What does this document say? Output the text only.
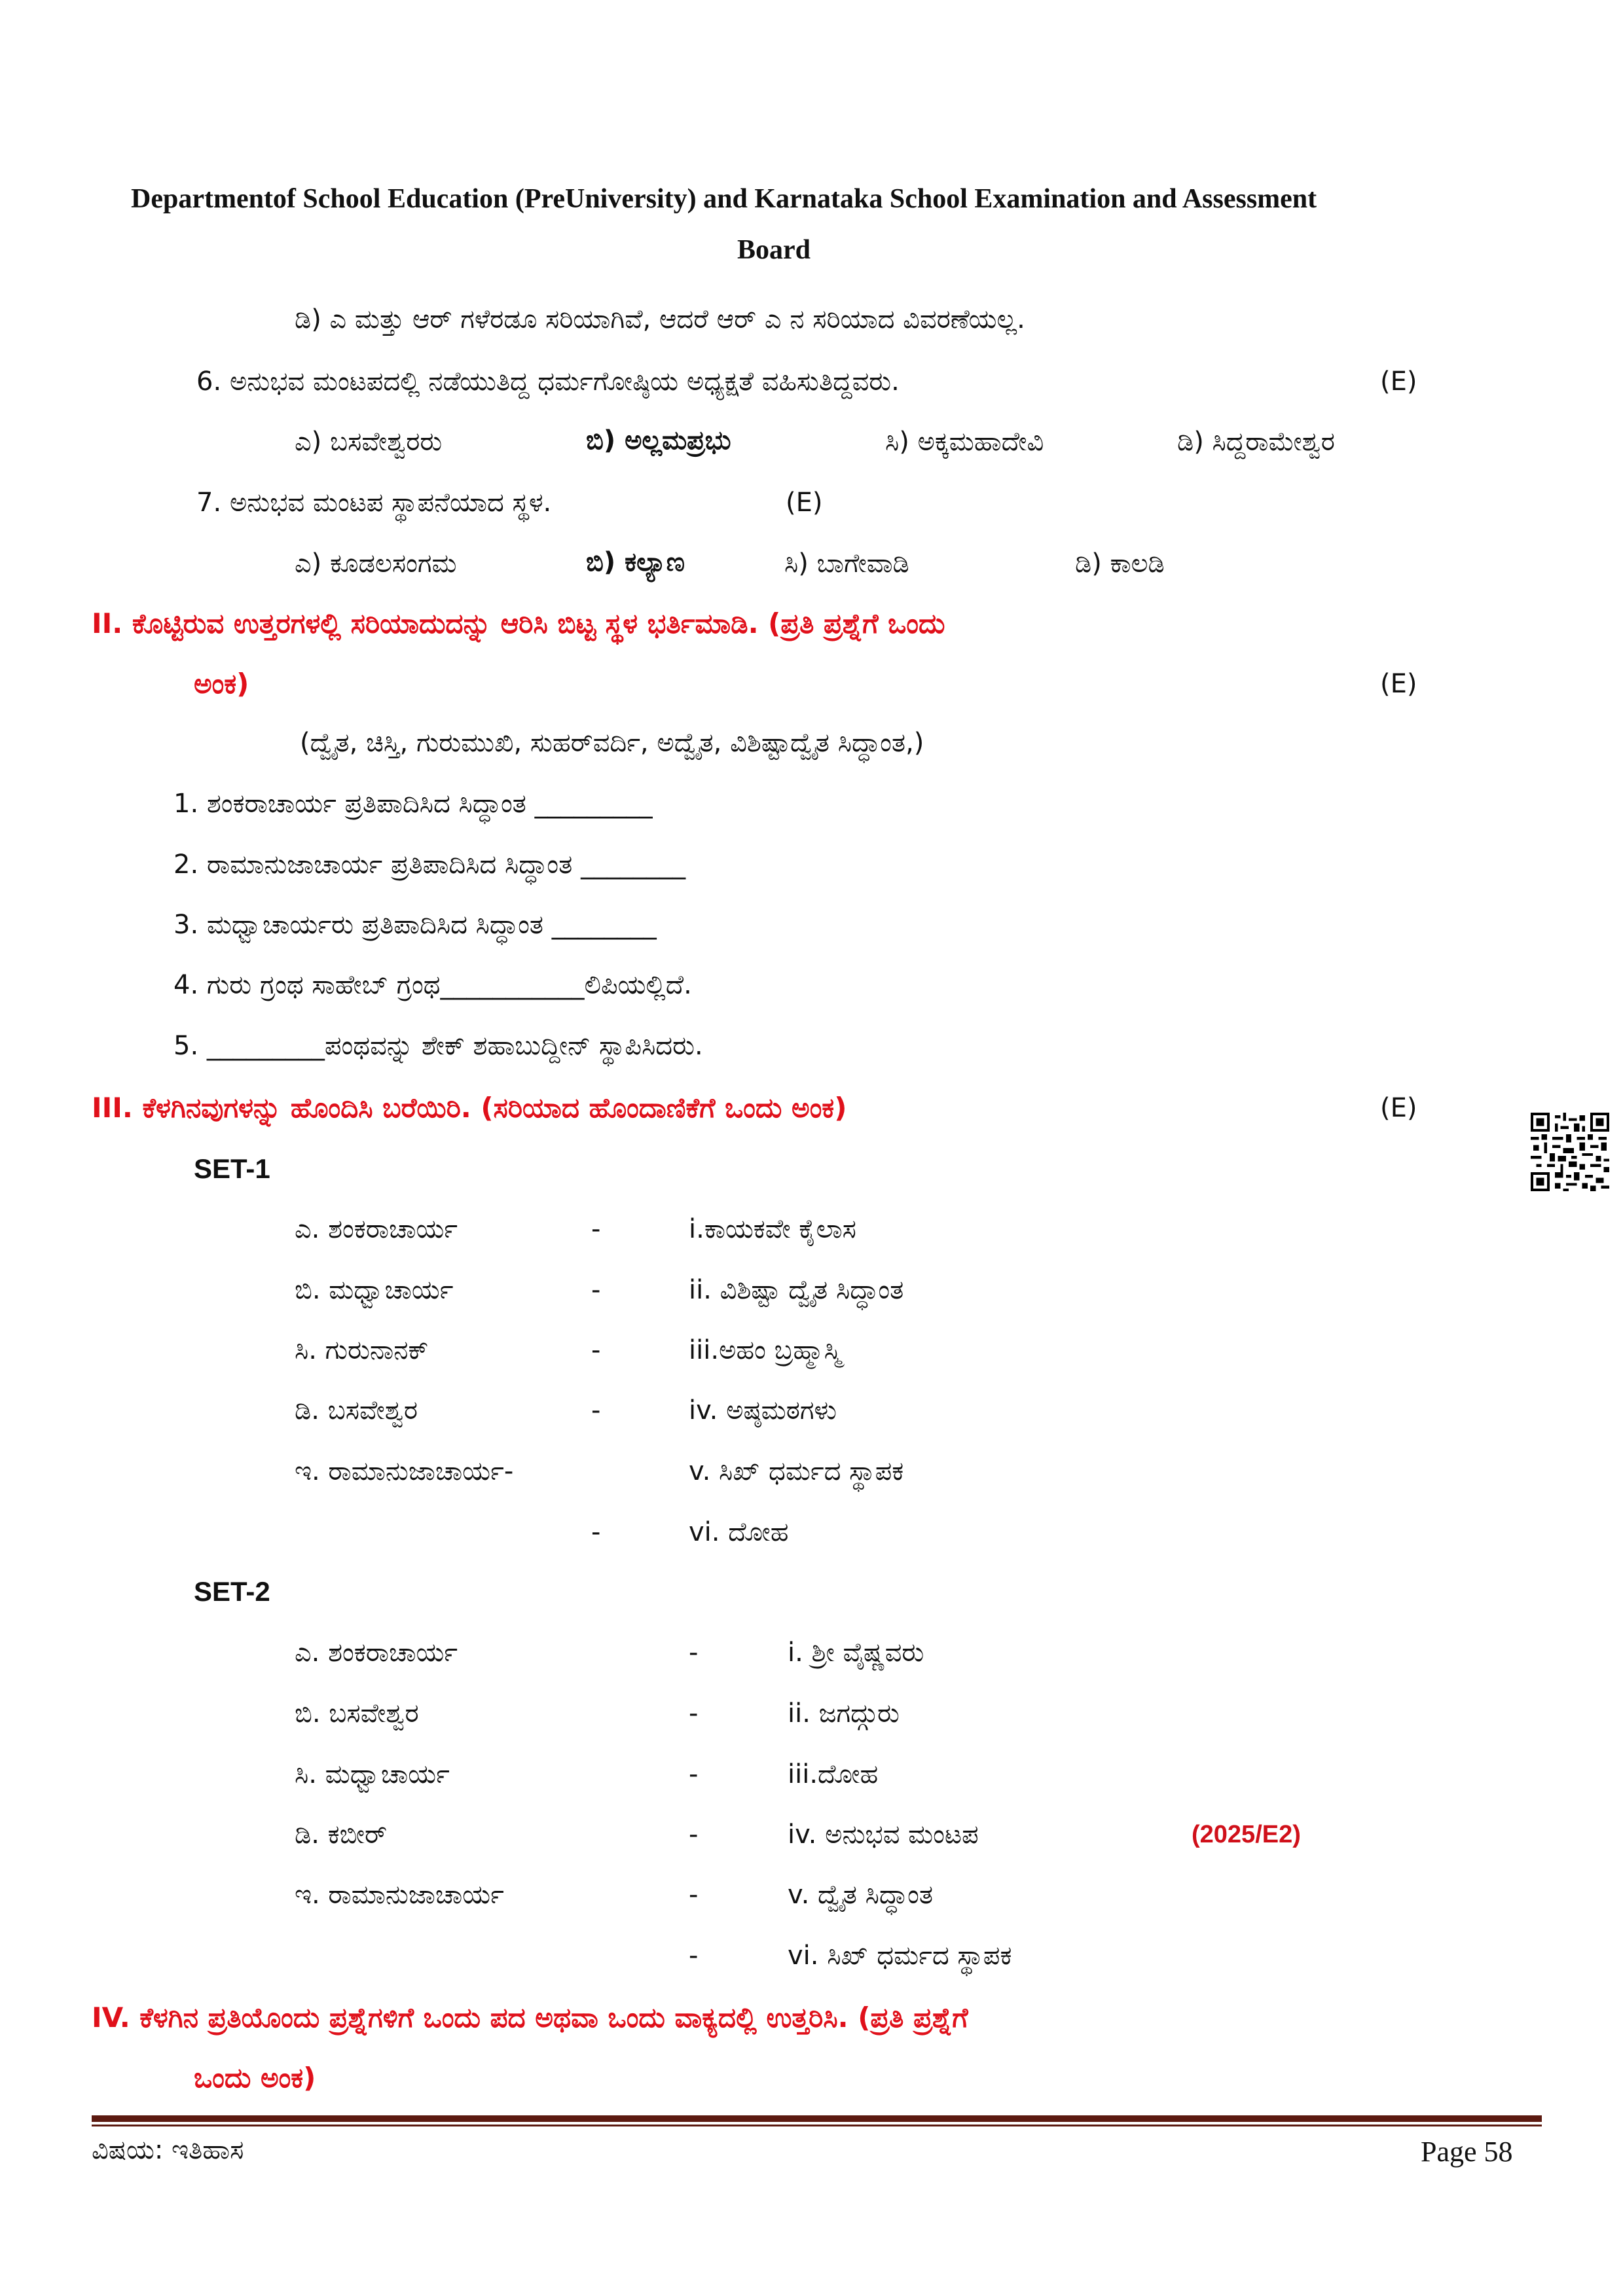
Departmentof School Education (PreUniversity) and Karnataka School Examination and Assessment
Board
ಡಿ) ಎ ಮತ್ತು ಆರ್ ಗಳೆರಡೂ ಸರಿಯಾಗಿವೆ, ಆದರೆ ಆರ್ ಎ ನ ಸರಿಯಾದ ವಿವರಣೆಯಲ್ಲ.
6. ಅನುಭವ ಮಂಟಪದಲ್ಲಿ ನಡೆಯುತಿದ್ದ ಧರ್ಮಗೋಷ್ಠಿಯ ಅಧ್ಯಕ್ಷತೆ ವಹಿಸುತಿದ್ದವರು.	(E)
ಎ) ಬಸವೇಶ್ವರರು	ಬಿ) ಅಲ್ಲಮಪ್ರಭು	ಸಿ) ಅಕ್ಕಮಹಾದೇವಿ	ಡಿ) ಸಿದ್ದರಾಮೇಶ್ವರ
7. ಅನುಭವ ಮಂಟಪ ಸ್ಥಾಪನೆಯಾದ ಸ್ಥಳ.	(E)
ಎ) ಕೂಡಲಸಂಗಮ	ಬಿ) ಕಲ್ಯಾಣ	ಸಿ) ಬಾಗೇವಾಡಿ	ಡಿ) ಕಾಲಡಿ
II. ಕೊಟ್ಟಿರುವ ಉತ್ತರಗಳಲ್ಲಿ ಸರಿಯಾದುದನ್ನು ಆರಿಸಿ ಬಿಟ್ಟ ಸ್ಥಳ ಭರ್ತಿಮಾಡಿ. (ಪ್ರತಿ ಪ್ರಶ್ನೆಗೆ ಒಂದು
ಅಂಕ)	(E)
(ದ್ವೈತ, ಚಿಸ್ತಿ, ಗುರುಮುಖಿ, ಸುಹರ್‌ವರ್ದಿ, ಅದ್ವೈತ, ವಿಶಿಷ್ಟಾದ್ವೈತ ಸಿದ್ಧಾಂತ,)
1. ಶಂಕರಾಚಾರ್ಯ ಪ್ರತಿಪಾದಿಸಿದ ಸಿದ್ಧಾಂತ _________
2. ರಾಮಾನುಜಾಚಾರ್ಯ ಪ್ರತಿಪಾದಿಸಿದ ಸಿದ್ಧಾಂತ ________
3. ಮಧ್ವಾಚಾರ್ಯರು ಪ್ರತಿಪಾದಿಸಿದ ಸಿದ್ಧಾಂತ ________
4. ಗುರು ಗ್ರಂಥ ಸಾಹೇಬ್ ಗ್ರಂಥ___________ಲಿಪಿಯಲ್ಲಿದೆ.
5. _________ಪಂಥವನ್ನು ಶೇಕ್ ಶಹಾಬುದ್ದೀನ್ ಸ್ಥಾಪಿಸಿದರು.
III. ಕೆಳಗಿನವುಗಳನ್ನು ಹೊಂದಿಸಿ ಬರೆಯಿರಿ. (ಸರಿಯಾದ ಹೊಂದಾಣಿಕೆಗೆ ಒಂದು ಅಂಕ)	(E)
SET-1
ಎ. ಶಂಕರಾಚಾರ್ಯ	-	i.ಕಾಯಕವೇ ಕೈಲಾಸ
ಬಿ. ಮಧ್ವಾಚಾರ್ಯ	-	ii. ವಿಶಿಷ್ಟಾ ದ್ವೈತ ಸಿದ್ಧಾಂತ
ಸಿ. ಗುರುನಾನಕ್	-	iii.ಅಹಂ ಬ್ರಹ್ಮಾಸ್ಮಿ
ಡಿ. ಬಸವೇಶ್ವರ	-	iv. ಅಷ್ಠಮಠಗಳು
ಇ. ರಾಮಾನುಜಾಚಾರ್ಯ-	v. ಸಿಖ್ ಧರ್ಮದ ಸ್ಥಾಪಕ
-	vi. ದೋಹ
SET-2
ಎ. ಶಂಕರಾಚಾರ್ಯ	-	i. ಶ್ರೀ ವೈಷ್ಣವರು
ಬಿ. ಬಸವೇಶ್ವರ	-	ii. ಜಗದ್ಗುರು
ಸಿ. ಮಧ್ವಾಚಾರ್ಯ	-	iii.ದೋಹ
ಡಿ. ಕಬೀರ್	-	iv. ಅನುಭವ ಮಂಟಪ	(2025/E2)
ಇ. ರಾಮಾನುಜಾಚಾರ್ಯ	-	v. ದ್ವೈತ ಸಿದ್ಧಾಂತ
-	vi. ಸಿಖ್ ಧರ್ಮದ ಸ್ಥಾಪಕ
IV. ಕೆಳಗಿನ ಪ್ರತಿಯೊಂದು ಪ್ರಶ್ನೆಗಳಿಗೆ ಒಂದು ಪದ ಅಥವಾ ಒಂದು ವಾಕ್ಯದಲ್ಲಿ ಉತ್ತರಿಸಿ. (ಪ್ರತಿ ಪ್ರಶ್ನೆಗೆ
ಒಂದು ಅಂಕ)
ವಿಷಯ: ಇತಿಹಾಸ	Page 58
